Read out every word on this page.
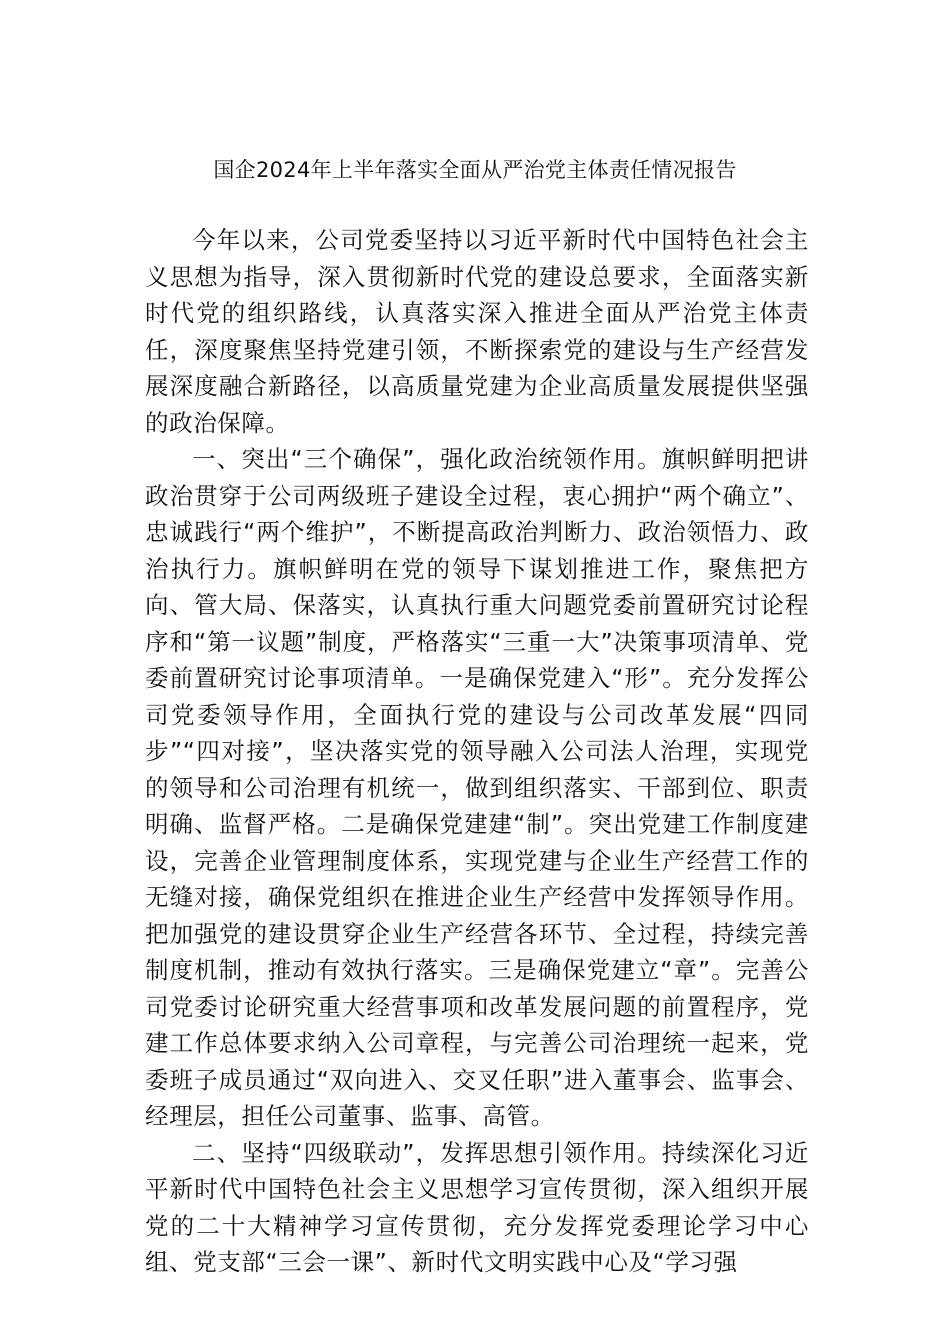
国企2024年上半年落实全面从严治党主体责任情况报告

今年以来，公司党委坚持以习近平新时代中国特色社会主义思想为指导，深入贯彻新时代党的建设总要求，全面落实新时代党的组织路线，认真落实深入推进全面从严治党主体责任，深度聚焦坚持党建引领，不断探索党的建设与生产经营发展深度融合新路径，以高质量党建为企业高质量发展提供坚强的政治保障。

一、突出“三个确保”，强化政治统领作用。旗帜鲜明把讲政治贯穿于公司两级班子建设全过程，衷心拥护“两个确立”、忠诚践行“两个维护”，不断提高政治判断力、政治领悟力、政治执行力。旗帜鲜明在党的领导下谋划推进工作，聚焦把方向、管大局、保落实，认真执行重大问题党委前置研究讨论程序和“第一议题”制度，严格落实“三重一大”决策事项清单、党委前置研究讨论事项清单。一是确保党建入“形”。充分发挥公司党委领导作用，全面执行党的建设与公司改革发展“四同步”“四对接”，坚决落实党的领导融入公司法人治理，实现党的领导和公司治理有机统一，做到组织落实、干部到位、职责明确、监督严格。二是确保党建建“制”。突出党建工作制度建设，完善企业管理制度体系，实现党建与企业生产经营工作的无缝对接，确保党组织在推进企业生产经营中发挥领导作用。把加强党的建设贯穿企业生产经营各环节、全过程，持续完善制度机制，推动有效执行落实。三是确保党建立“章”。完善公司党委讨论研究重大经营事项和改革发展问题的前置程序，党建工作总体要求纳入公司章程，与完善公司治理统一起来，党委班子成员通过“双向进入、交叉任职”进入董事会、监事会、经理层，担任公司董事、监事、高管。

二、坚持“四级联动”，发挥思想引领作用。持续深化习近平新时代中国特色社会主义思想学习宣传贯彻，深入组织开展党的二十大精神学习宣传贯彻，充分发挥党委理论学习中心组、党支部“三会一课”、新时代文明实践中心及“学习强
